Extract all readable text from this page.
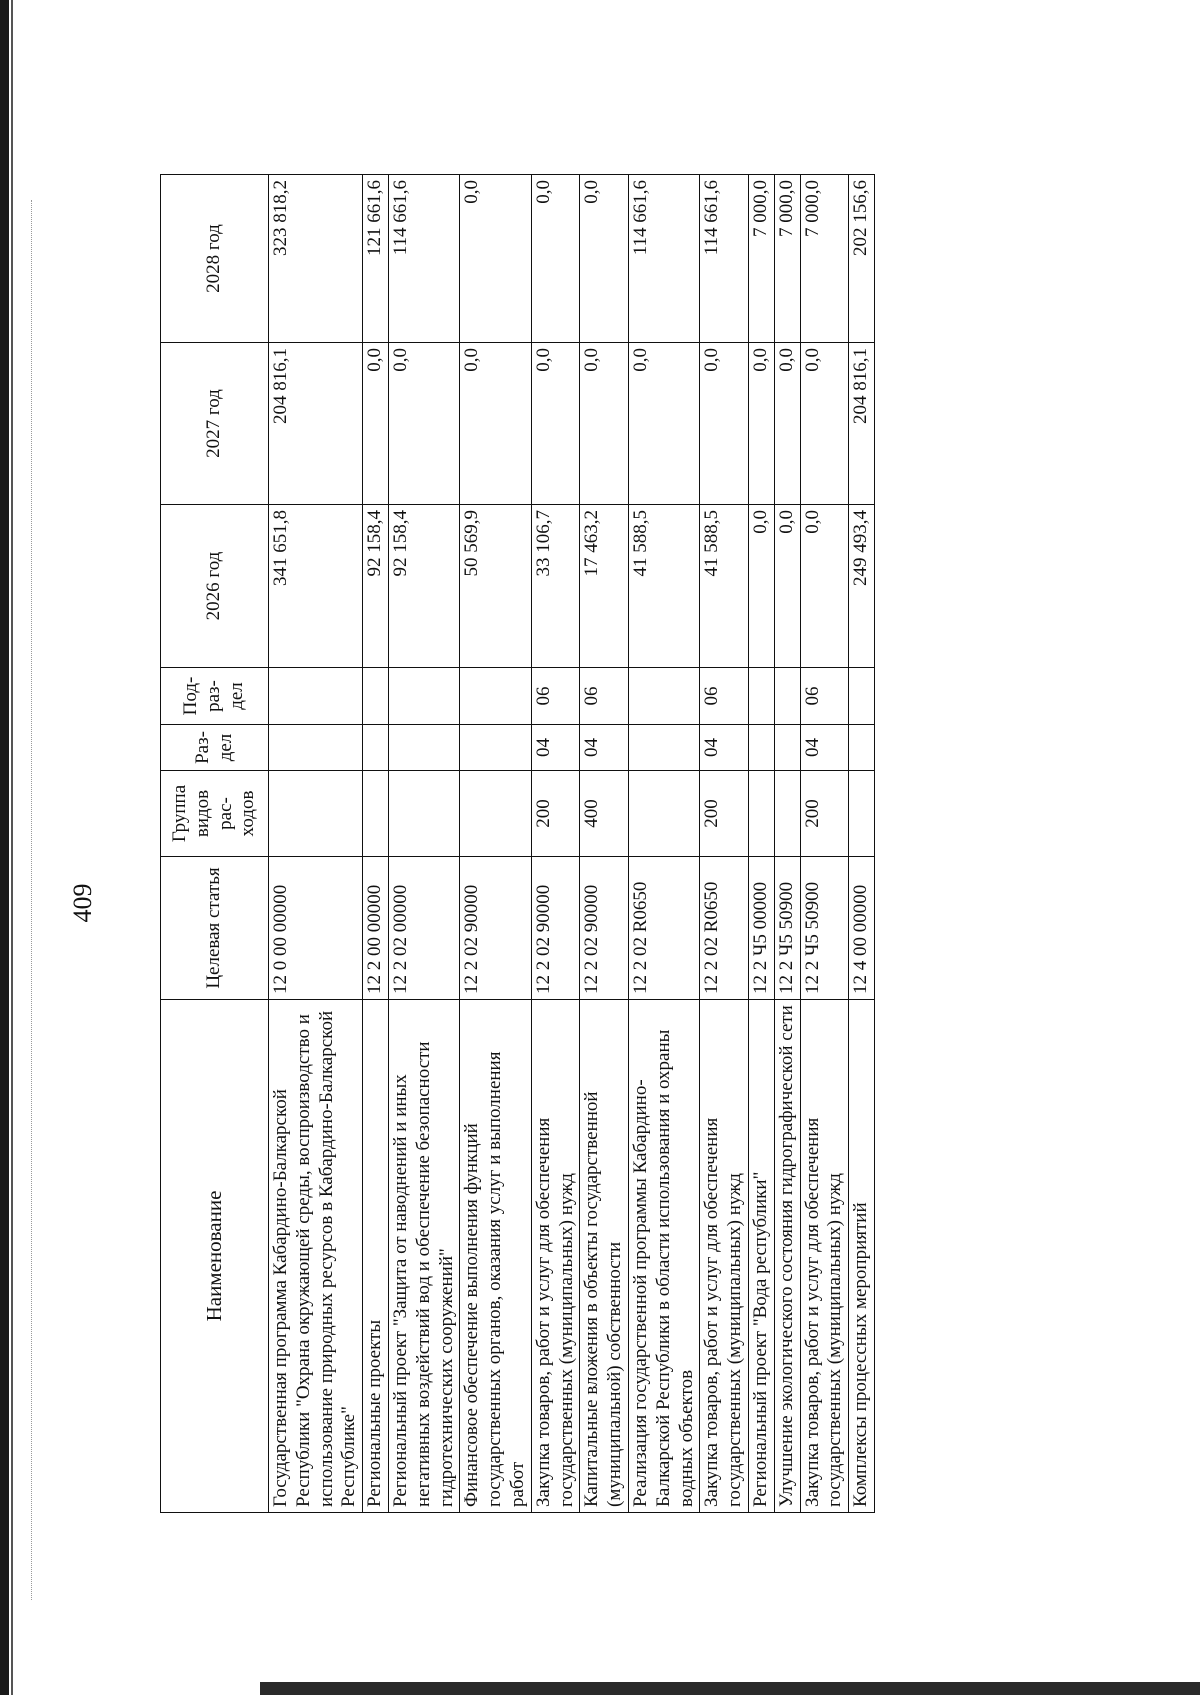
409
Наименование	Целевая статья	Группа видов рас- ходов	Раз- дел	Под- раз- дел	2026 год	2027 год	2028 год
Государственная программа Кабардино-Балкарской Республики "Охрана окружающей среды, воспроизводство и использование природных ресурсов в Кабардино-Балкарской Республике"	12 0 00 00000				341 651,8	204 816,1	323 818,2
Региональные проекты	12 2 00 00000				92 158,4	0,0	121 661,6
Региональный проект "Защита от наводнений и иных негативных воздействий вод и обеспечение безопасности гидротехнических сооружений"	12 2 02 00000				92 158,4	0,0	114 661,6
Финансовое обеспечение выполнения функций государственных органов, оказания услуг и выполнения работ	12 2 02 90000				50 569,9	0,0	0,0
Закупка товаров, работ и услуг для обеспечения государственных (муниципальных) нужд	12 2 02 90000	200	04	06	33 106,7	0,0	0,0
Капитальные вложения в объекты государственной (муниципальной) собственности	12 2 02 90000	400	04	06	17 463,2	0,0	0,0
Реализация государственной программы Кабардино-Балкарской Республики в области использования и охраны водных объектов	12 2 02 R0650				41 588,5	0,0	114 661,6
Закупка товаров, работ и услуг для обеспечения государственных (муниципальных) нужд	12 2 02 R0650	200	04	06	41 588,5	0,0	114 661,6
Региональный проект "Вода республики"	12 2 Ч5 00000				0,0	0,0	7 000,0
Улучшение экологического состояния гидрографической сети	12 2 Ч5 50900				0,0	0,0	7 000,0
Закупка товаров, работ и услуг для обеспечения государственных (муниципальных) нужд	12 2 Ч5 50900	200	04	06	0,0	0,0	7 000,0
Комплексы процессных мероприятий	12 4 00 00000				249 493,4	204 816,1	202 156,6
